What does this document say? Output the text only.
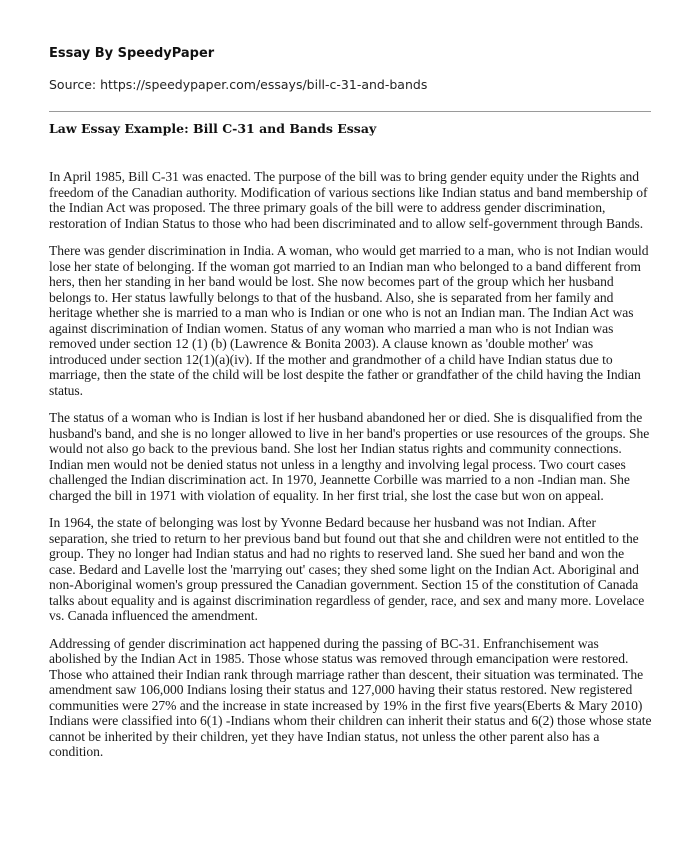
Essay By SpeedyPaper
Source: https://speedypaper.com/essays/bill-c-31-and-bands
Law Essay Example: Bill C-31 and Bands Essay

In April 1985, Bill C-31 was enacted. The purpose of the bill was to bring gender equity under the Rights and freedom of the Canadian authority. Modification of various sections like Indian status and band membership of the Indian Act was proposed. The three primary goals of the bill were to address gender discrimination, restoration of Indian Status to those who had been discriminated and to allow self-government through Bands.

There was gender discrimination in India. A woman, who would get married to a man, who is not Indian would lose her state of belonging. If the woman got married to an Indian man who belonged to a band different from hers, then her standing in her band would be lost. She now becomes part of the group which her husband belongs to. Her status lawfully belongs to that of the husband. Also, she is separated from her family and heritage whether she is married to a man who is Indian or one who is not an Indian man. The Indian Act was against discrimination of Indian women. Status of any woman who married a man who is not Indian was removed under section 12 (1) (b) (Lawrence & Bonita 2003). A clause known as 'double mother' was introduced under section 12(1)(a)(iv). If the mother and grandmother of a child have Indian status due to marriage, then the state of the child will be lost despite the father or grandfather of the child having the Indian status.

The status of a woman who is Indian is lost if her husband abandoned her or died. She is disqualified from the husband's band, and she is no longer allowed to live in her band's properties or use resources of the groups. She would not also go back to the previous band. She lost her Indian status rights and community connections. Indian men would not be denied status not unless in a lengthy and involving legal process. Two court cases challenged the Indian discrimination act. In 1970, Jeannette Corbille was married to a non -Indian man. She charged the bill in 1971 with violation of equality. In her first trial, she lost the case but won on appeal.

In 1964, the state of belonging was lost by Yvonne Bedard because her husband was not Indian. After separation, she tried to return to her previous band but found out that she and children were not entitled to the group. They no longer had Indian status and had no rights to reserved land. She sued her band and won the case. Bedard and Lavelle lost the 'marrying out' cases; they shed some light on the Indian Act. Aboriginal and non-Aboriginal women's group pressured the Canadian government. Section 15 of the constitution of Canada talks about equality and is against discrimination regardless of gender, race, and sex and many more. Lovelace vs. Canada influenced the amendment.

Addressing of gender discrimination act happened during the passing of BC-31. Enfranchisement was abolished by the Indian Act in 1985. Those whose status was removed through emancipation were restored. Those who attained their Indian rank through marriage rather than descent, their situation was terminated. The amendment saw 106,000 Indians losing their status and 127,000 having their status restored. New registered communities were 27% and the increase in state increased by 19% in the first five years(Eberts & Mary 2010) Indians were classified into 6(1) -Indians whom their children can inherit their status and 6(2) those whose state cannot be inherited by their children, yet they have Indian status, not unless the other parent also has a condition.
